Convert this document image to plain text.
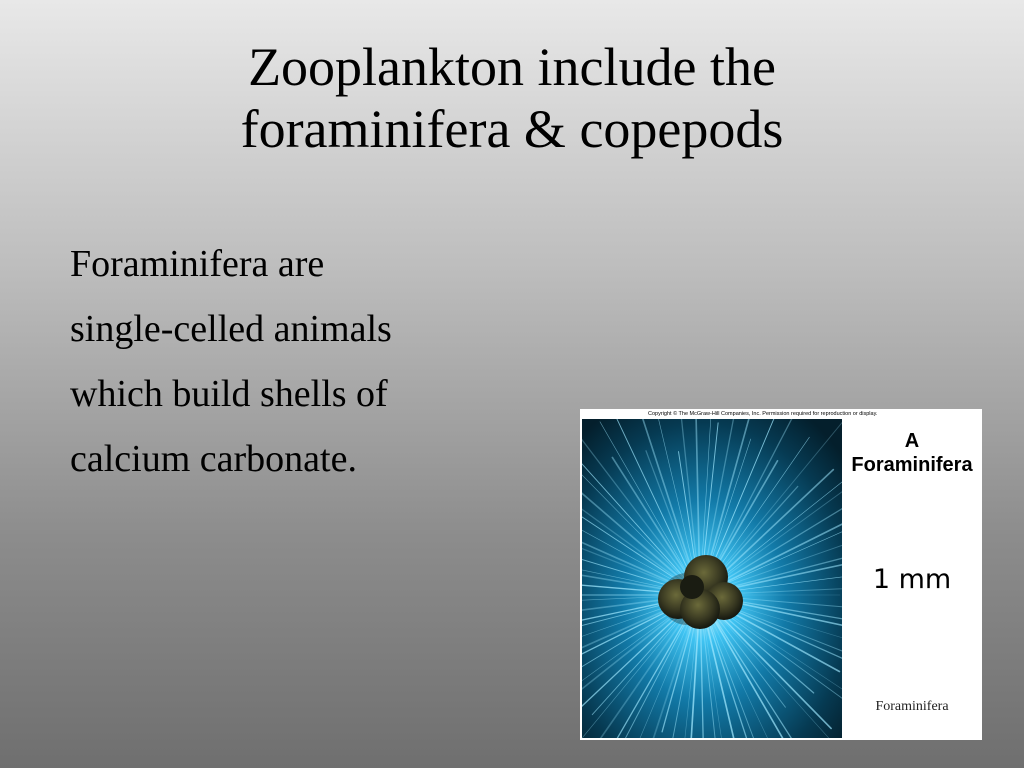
Zooplankton include the
foraminifera & copepods
Foraminifera are
single-celled animals
which build shells of
calcium carbonate.
Copyright © The McGraw-Hill Companies, Inc. Permission required for reproduction or display.
A
Foraminifera
1 mm
Foraminifera
